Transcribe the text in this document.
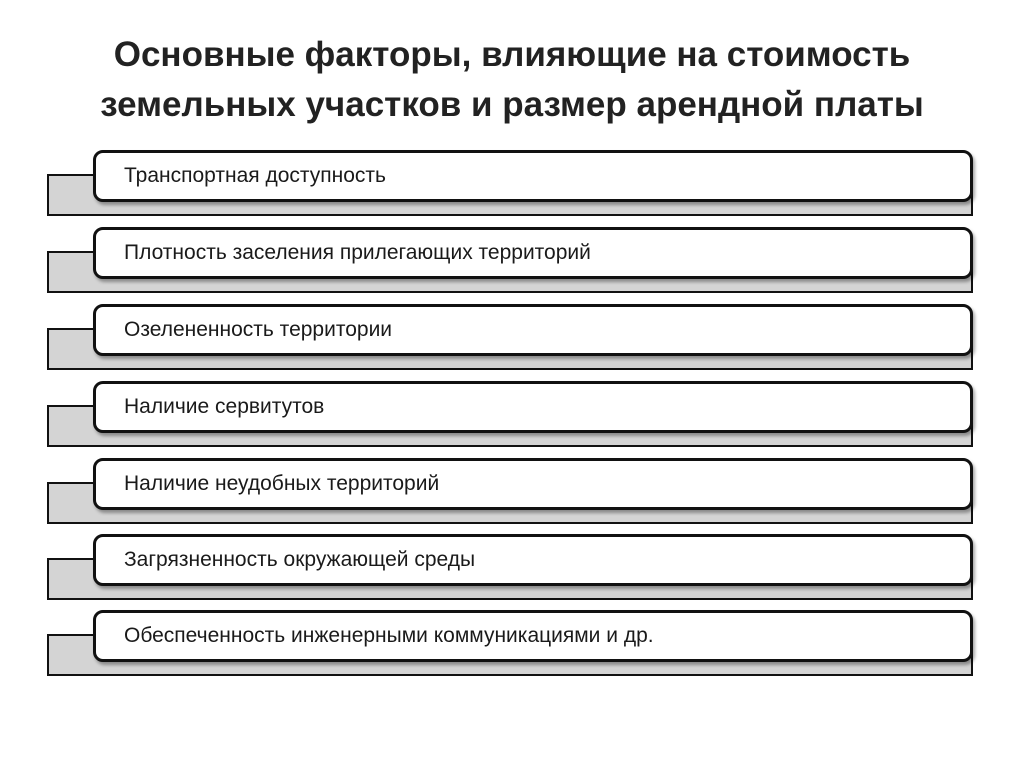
Основные факторы, влияющие на стоимость
земельных участков и размер арендной платы
Транспортная доступность
Плотность заселения прилегающих территорий
Озелененность территории
Наличие сервитутов
Наличие неудобных территорий
Загрязненность окружающей среды
Обеспеченность инженерными коммуникациями и др.
